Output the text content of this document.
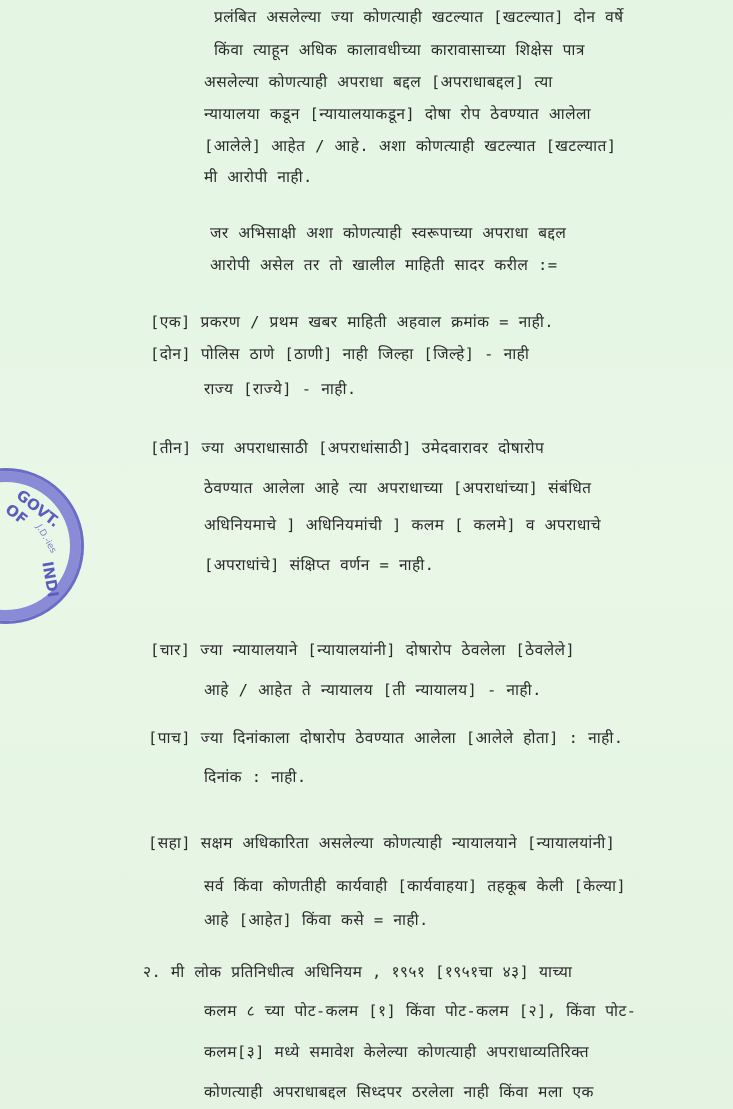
GOVT. OF
INDI
J.D.-ies
प्रलंबित असलेल्या ज्या कोणत्याही खटल्यात [खटल्यात] दोन वर्षे
किंवा त्याहून अधिक कालावधीच्या कारावासाच्या शिक्षेस पात्र
असलेल्या कोणत्याही अपराधा बद्दल [अपराधाबद्दल] त्या
न्यायालया कडून [न्यायालयाकडून] दोषा रोप ठेवण्यात आलेला
[आलेले] आहेत / आहे. अशा कोणत्याही खटल्यात [खटल्यात]
मी आरोपी नाही.
जर अभिसाक्षी अशा कोणत्याही स्वरूपाच्या अपराधा बद्दल
आरोपी असेल तर तो खालील माहिती सादर करील :=
[एक] प्रकरण / प्रथम खबर माहिती अहवाल क्रमांक = नाही.
[दोन] पोलिस ठाणे [ठाणी] नाही जिल्हा [जिल्हे] - नाही
राज्य [राज्ये] - नाही.
[तीन] ज्या अपराधासाठी [अपराधांसाठी] उमेदवारावर दोषारोप
ठेवण्यात आलेला आहे त्या अपराधाच्या [अपराधांच्या] संबंधित
अधिनियमाचे ] अधिनियमांची ] कलम [ कलमे] व अपराधाचे
[अपराधांचे] संक्षिप्त वर्णन = नाही.
[चार] ज्या न्यायालयाने [न्यायालयांनी] दोषारोप ठेवलेला [ठेवलेले]
आहे / आहेत ते न्यायालय [ती न्यायालय] - नाही.
[पाच] ज्या दिनांकाला दोषारोप ठेवण्यात आलेला [आलेले होता] : नाही.
दिनांक : नाही.
[सहा] सक्षम अधिकारिता असलेल्या कोणत्याही न्यायालयाने [न्यायालयांनी]
सर्व किंवा कोणतीही कार्यवाही [कार्यवाहया] तहकूब केली [केल्या]
आहे [आहेत] किंवा कसे = नाही.
२. मी लोक प्रतिनिधीत्व अधिनियम , १९५१ [१९५१चा ४३] याच्या
कलम ८ च्या पोट-कलम [१] किंवा पोट-कलम [२], किंवा पोट-
कलम[३] मध्ये समावेश केलेल्या कोणत्याही अपराधाव्यतिरिक्त
कोणत्याही अपराधाबद्दल सिध्दपर ठरलेला नाही किंवा मला एक
